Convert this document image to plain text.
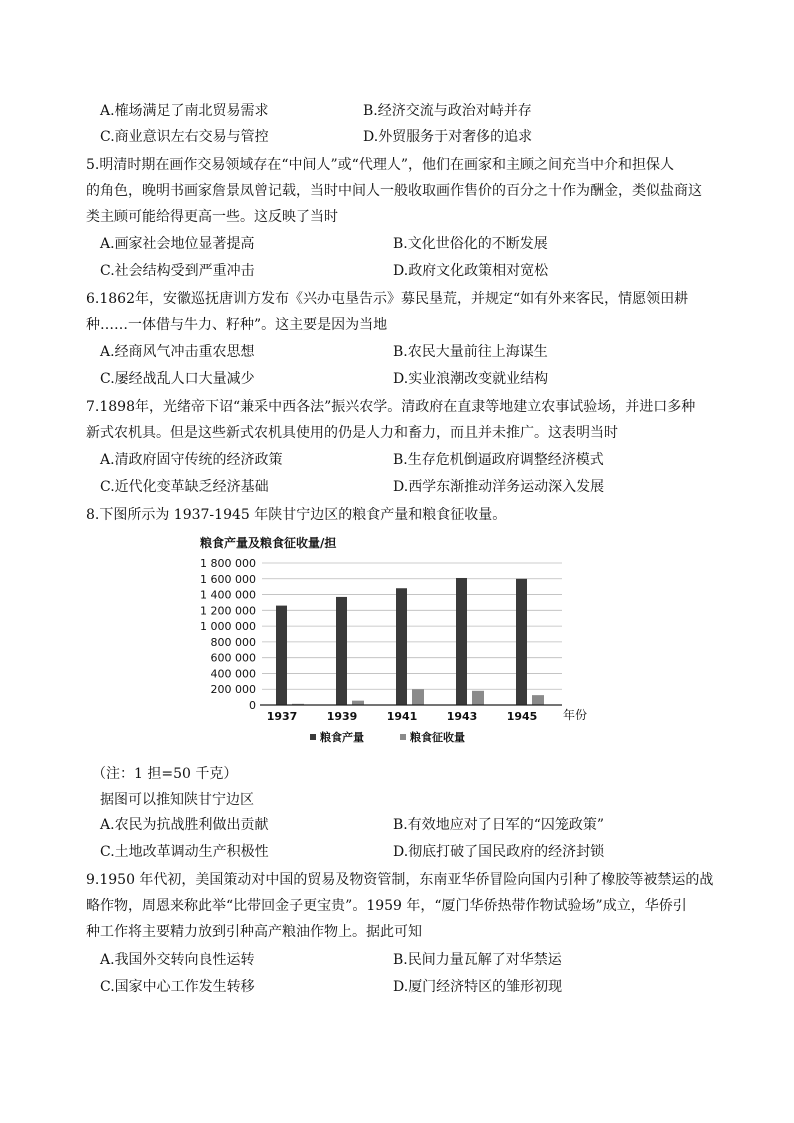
A.榷场满足了南北贸易需求	B.经济交流与政治对峙并存
C.商业意识左右交易与管控	D.外贸服务于对奢侈的追求
5.明清时期在画作交易领域存在“中间人”或“代理人”，他们在画家和主顾之间充当中介和担保人
的角色，晚明书画家詹景凤曾记载，当时中间人一般收取画作售价的百分之十作为酬金，类似盐商这
类主顾可能给得更高一些。这反映了当时
A.画家社会地位显著提高	B.文化世俗化的不断发展
C.社会结构受到严重冲击	D.政府文化政策相对宽松
6.1862年，安徽巡抚唐训方发布《兴办屯垦告示》募民垦荒，并规定“如有外来客民，情愿领田耕
种……一体借与牛力、籽种”。这主要是因为当地
A.经商风气冲击重农思想	B.农民大量前往上海谋生
C.屡经战乱人口大量减少	D.实业浪潮改变就业结构
7.1898年，光绪帝下诏“兼采中西各法”振兴农学。清政府在直隶等地建立农事试验场，并进口多种
新式农机具。但是这些新式农机具使用的仍是人力和畜力，而且并未推广。这表明当时
A.清政府固守传统的经济政策	B.生存危机倒逼政府调整经济模式
C.近代化变革缺乏经济基础	D.西学东渐推动洋务运动深入发展
8.下图所示为 1937-1945 年陕甘宁边区的粮食产量和粮食征收量。
粮食产量及粮食征收量/担
1 800 000
1 600 000
1 400 000
1 200 000
1 000 000
800 000
600 000
400 000
200 000
0
1937	1939	1941	1943	1945 年份
粮食产量	粮食征收量
（注：1 担=50 千克）
据图可以推知陕甘宁边区
A.农民为抗战胜利做出贡献	B.有效地应对了日军的“囚笼政策”
C.土地改革调动生产积极性	D.彻底打破了国民政府的经济封锁
9.1950 年代初，美国策动对中国的贸易及物资管制，东南亚华侨冒险向国内引种了橡胶等被禁运的战
略作物，周恩来称此举“比带回金子更宝贵”。1959 年，“厦门华侨热带作物试验场”成立，华侨引
种工作将主要精力放到引种高产粮油作物上。据此可知
A.我国外交转向良性运转	B.民间力量瓦解了对华禁运
C.国家中心工作发生转移	D.厦门经济特区的雏形初现
